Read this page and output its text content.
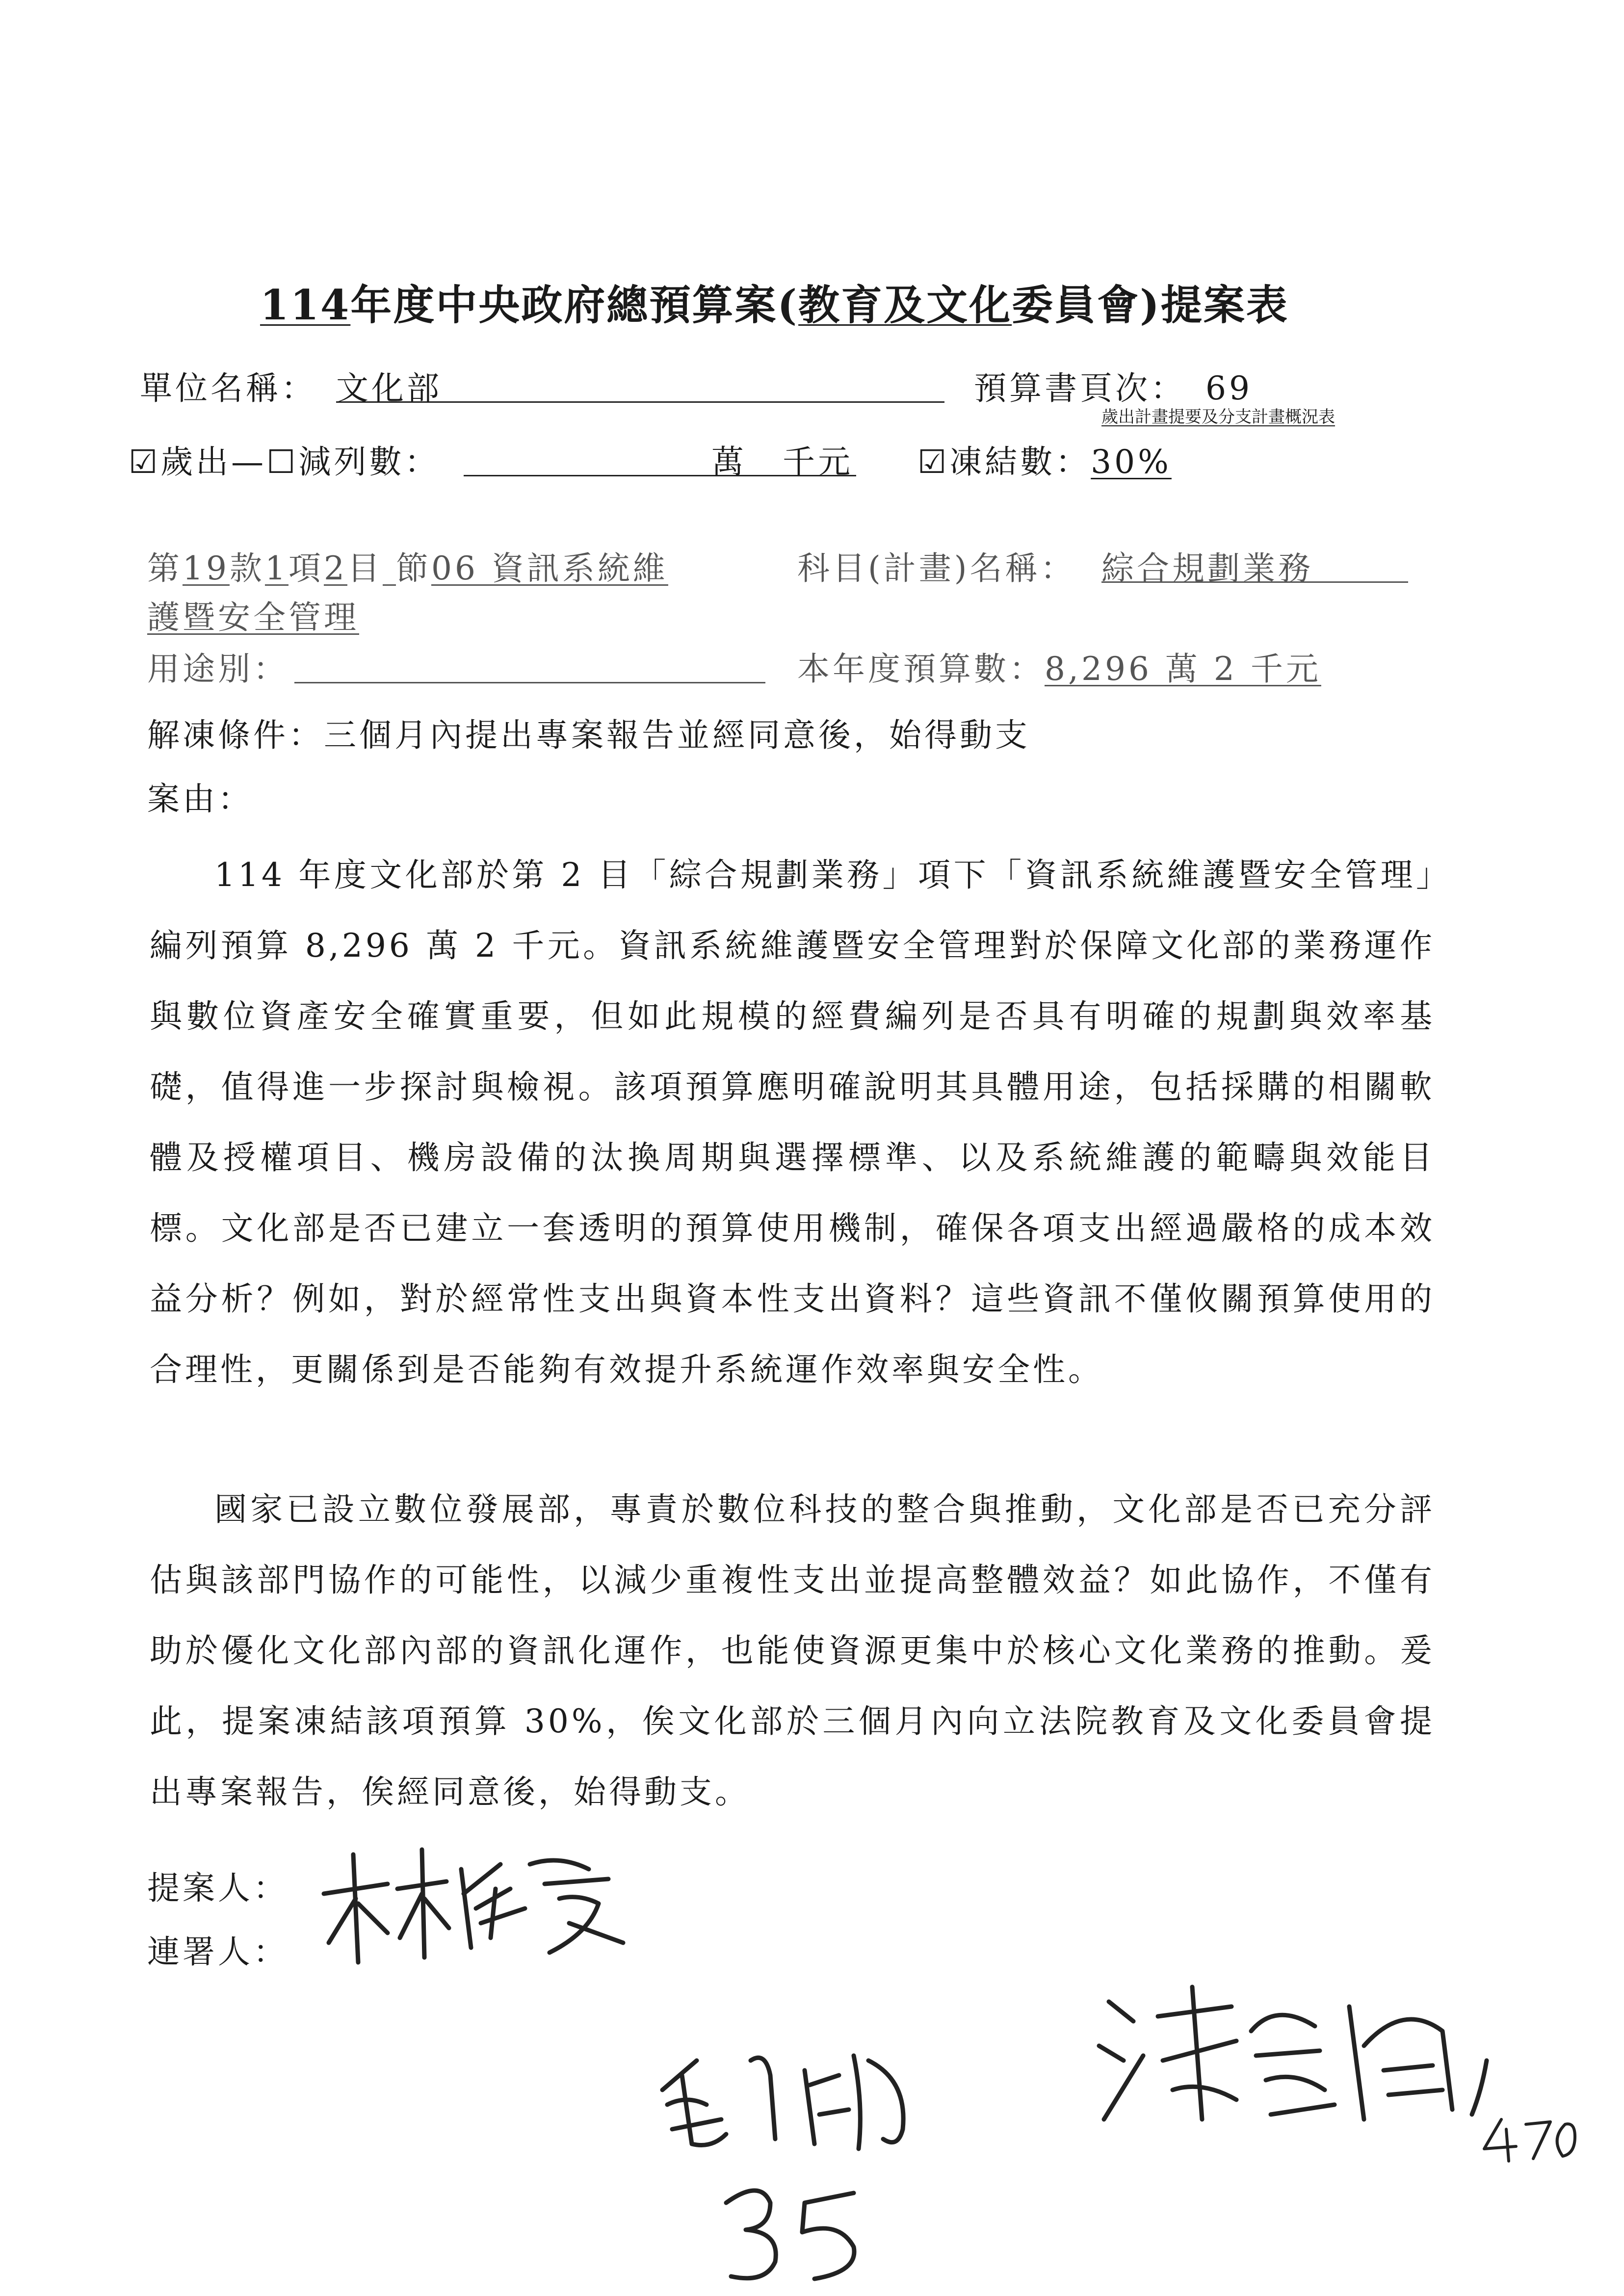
114年度中央政府總預算案(教育及文化委員會)提案表
單位名稱： 文化部	預算書頁次： 69
歲出計畫提要及分支計畫概況表
☑歲出—☐減列數：	萬 千元 ☑凍結數：30%
第19款1項2目 節06 資訊系統維
護暨安全管理
科目(計畫)名稱： 綜合規劃業務
用途別：	本年度預算數：8,296 萬 2 千元
解凍條件：三個月內提出專案報告並經同意後，始得動支
案由：
114 年度文化部於第 2 目「綜合規劃業務」項下「資訊系統維護暨安全管理」編列預算 8,296 萬 2 千元。資訊系統維護暨安全管理對於保障文化部的業務運作與數位資產安全確實重要，但如此規模的經費編列是否具有明確的規劃與效率基礎，值得進一步探討與檢視。該項預算應明確說明其具體用途，包括採購的相關軟體及授權項目、機房設備的汰換周期與選擇標準、以及系統維護的範疇與效能目標。文化部是否已建立一套透明的預算使用機制，確保各項支出經過嚴格的成本效益分析？例如，對於經常性支出與資本性支出資料？這些資訊不僅攸關預算使用的合理性，更關係到是否能夠有效提升系統運作效率與安全性。
國家已設立數位發展部，專責於數位科技的整合與推動，文化部是否已充分評估與該部門協作的可能性，以減少重複性支出並提高整體效益？如此協作，不僅有助於優化文化部內部的資訊化運作，也能使資源更集中於核心文化業務的推動。爰此，提案凍結該項預算 30%，俟文化部於三個月內向立法院教育及文化委員會提出專案報告，俟經同意後，始得動支。
提案人：
連署人：
